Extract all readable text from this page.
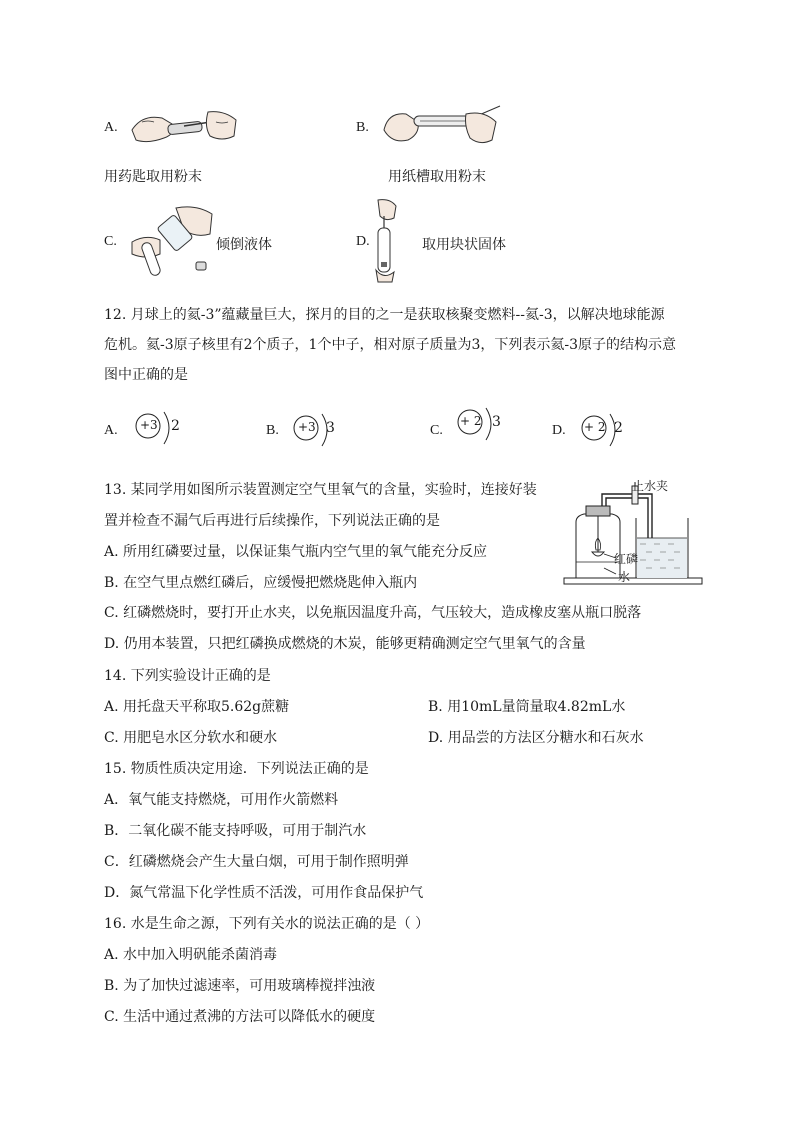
A.	B.
用药匙取用粉末	用纸槽取用粉末
C.	倾倒液体	D.	取用块状固体
12. 月球上的氦-3”蕴藏量巨大，探月的目的之一是获取核聚变燃料--氦-3，以解决地球能源
危机。氦-3原子核里有2个质子，1个中子，相对原子质量为3，下列表示氦-3原子的结构示意
图中正确的是
A. +3 2	B. +3 3	C.
+ 2 3
D. + 2 2
13. 某同学用如图所示装置测定空气里氧气的含量，实验时，连接好装
置并检查不漏气后再进行后续操作，下列说法正确的是
A. 所用红磷要过量，以保证集气瓶内空气里的氧气能充分反应
B. 在空气里点燃红磷后，应缓慢把燃烧匙伸入瓶内
C. 红磷燃烧时，要打开止水夹，以免瓶因温度升高，气压较大，造成橡皮塞从瓶口脱落
D. 仍用本装置，只把红磷换成燃烧的木炭，能够更精确测定空气里氧气的含量
止水夹
红磷
水
14. 下列实验设计正确的是
A. 用托盘天平称取5.62g蔗糖	B. 用10mL量筒量取4.82mL水
C. 用肥皂水区分软水和硬水	D. 用品尝的方法区分糖水和石灰水
15. 物质性质决定用途．下列说法正确的是
A．氧气能支持燃烧，可用作火箭燃料
B．二氧化碳不能支持呼吸，可用于制汽水
C．红磷燃烧会产生大量白烟，可用于制作照明弹
D．氮气常温下化学性质不活泼，可用作食品保护气
16. 水是生命之源，下列有关水的说法正确的是（ ）
A. 水中加入明矾能杀菌消毒
B. 为了加快过滤速率，可用玻璃棒搅拌浊液
C. 生活中通过煮沸的方法可以降低水的硬度
